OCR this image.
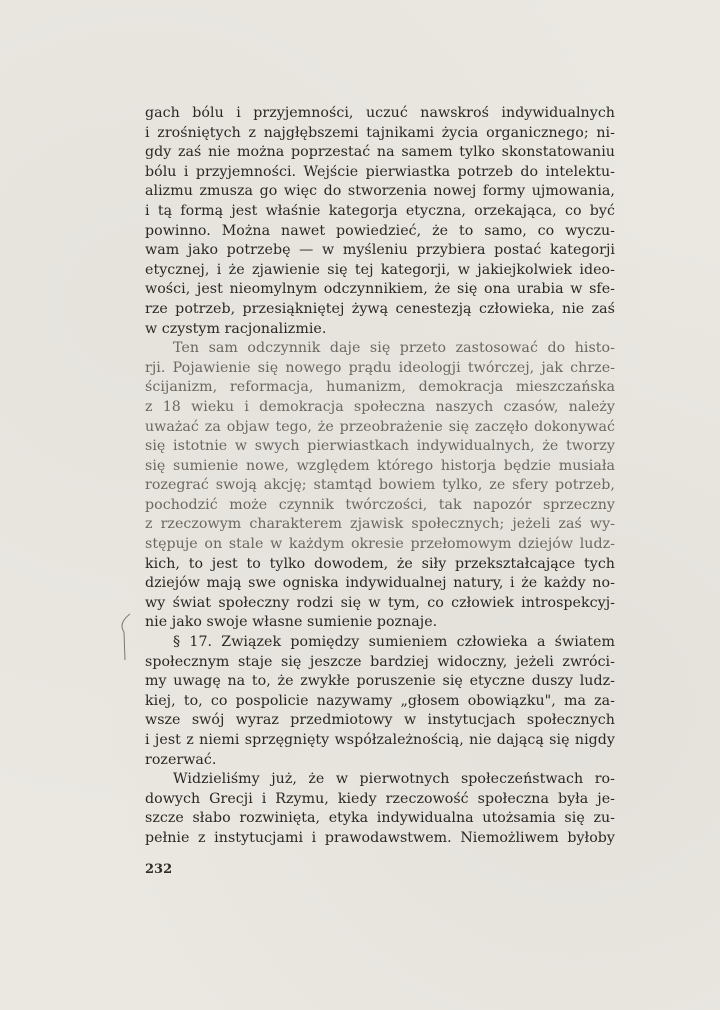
gach bólu i przyjemności, uczuć nawskroś indywidualnych
i zrośniętych z najgłębszemi tajnikami życia organicznego; ni-
gdy zaś nie można poprzestać na samem tylko skonstatowaniu
bólu i przyjemności. Wejście pierwiastka potrzeb do intelektu-
alizmu zmusza go więc do stworzenia nowej formy ujmowania,
i tą formą jest właśnie kategorja etyczna, orzekająca, co być
powinno. Można nawet powiedzieć, że to samo, co wyczu-
wam jako potrzebę — w myśleniu przybiera postać kategorji
etycznej, i że zjawienie się tej kategorji, w jakiejkolwiek ideo-
wości, jest nieomylnym odczynnikiem, że się ona urabia w sfe-
rze potrzeb, przesiąkniętej żywą cenestezją człowieka, nie zaś
w czystym racjonalizmie.
Ten sam odczynnik daje się przeto zastosować do histo-
rji. Pojawienie się nowego prądu ideologji twórczej, jak chrze-
ścijanizm, reformacja, humanizm, demokracja mieszczańska
z 18 wieku i demokracja społeczna naszych czasów, należy
uważać za objaw tego, że przeobrażenie się zaczęło dokonywać
się istotnie w swych pierwiastkach indywidualnych, że tworzy
się sumienie nowe, względem którego historja będzie musiała
rozegrać swoją akcję; stamtąd bowiem tylko, ze sfery potrzeb,
pochodzić może czynnik twórczości, tak napozór sprzeczny
z rzeczowym charakterem zjawisk społecznych; jeżeli zaś wy-
stępuje on stale w każdym okresie przełomowym dziejów ludz-
kich, to jest to tylko dowodem, że siły przekształcające tych
dziejów mają swe ogniska indywidualnej natury, i że każdy no-
wy świat społeczny rodzi się w tym, co człowiek introspekcyj-
nie jako swoje własne sumienie poznaje.
§ 17. Związek pomiędzy sumieniem człowieka a światem
społecznym staje się jeszcze bardziej widoczny, jeżeli zwróci-
my uwagę na to, że zwykłe poruszenie się etyczne duszy ludz-
kiej, to, co pospolicie nazywamy „głosem obowiązku", ma za-
wsze swój wyraz przedmiotowy w instytucjach społecznych
i jest z niemi sprzęgnięty współzależnością, nie dającą się nigdy
rozerwać.
Widzieliśmy już, że w pierwotnych społeczeństwach ro-
dowych Grecji i Rzymu, kiedy rzeczowość społeczna była je-
szcze słabo rozwinięta, etyka indywidualna utożsamia się zu-
pełnie z instytucjami i prawodawstwem. Niemożliwem byłoby
232
